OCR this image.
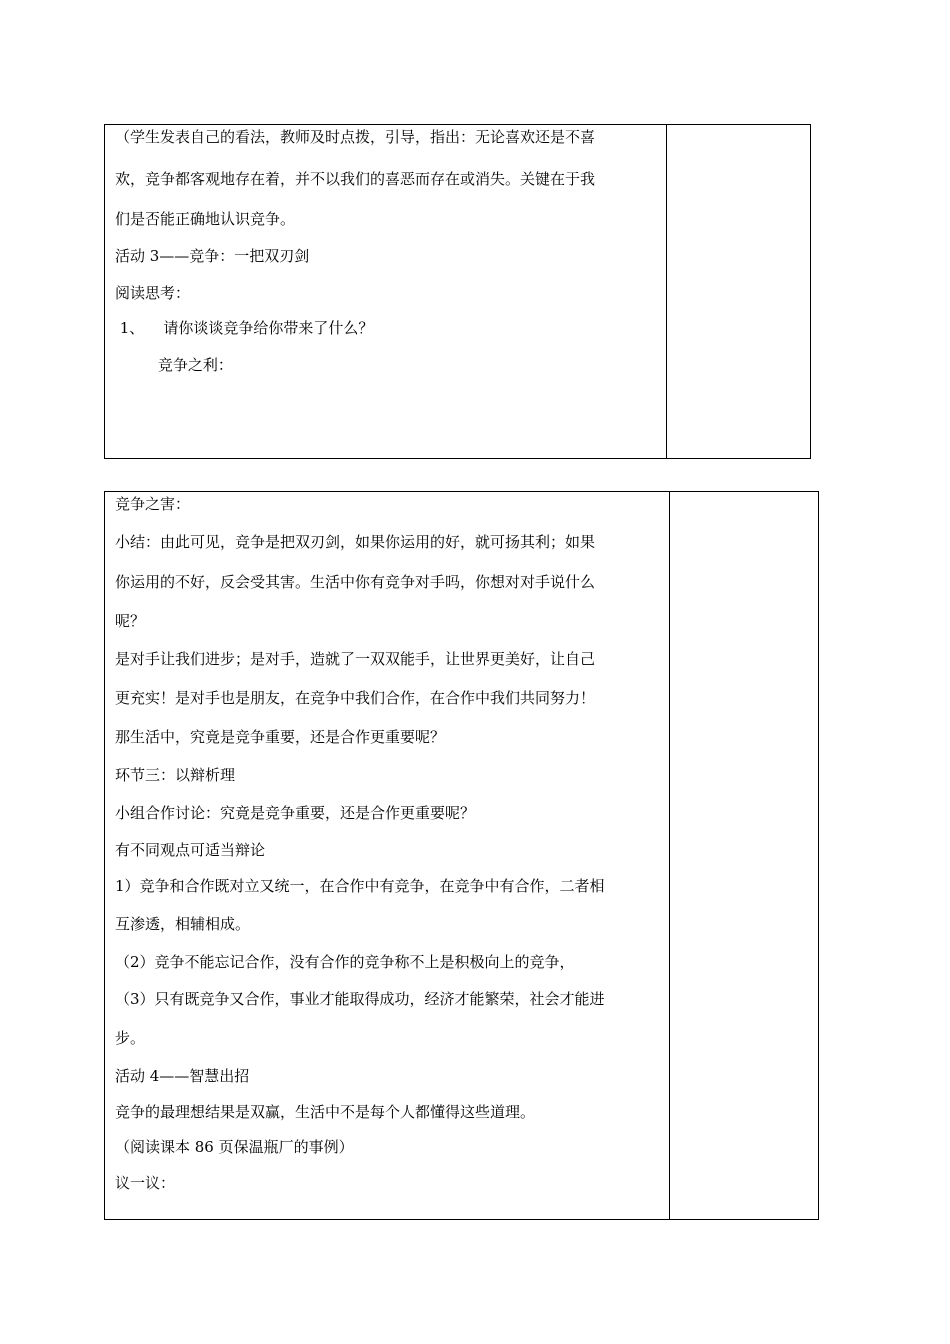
（学生发表自己的看法，教师及时点拨，引导，指出：无论喜欢还是不喜
欢，竞争都客观地存在着，并不以我们的喜恶而存在或消失。关键在于我
们是否能正确地认识竞争。
活动 3——竞争：一把双刃剑
阅读思考：
1、    请你谈谈竞争给你带来了什么？
竞争之利：
竞争之害：
小结：由此可见，竞争是把双刃剑，如果你运用的好，就可扬其利；如果
你运用的不好，反会受其害。生活中你有竞争对手吗，你想对对手说什么
呢？
是对手让我们进步；是对手，造就了一双双能手，让世界更美好，让自己
更充实！是对手也是朋友，在竞争中我们合作，在合作中我们共同努力！
那生活中，究竟是竞争重要，还是合作更重要呢？
环节三：以辩析理
小组合作讨论：究竟是竞争重要，还是合作更重要呢？
有不同观点可适当辩论
1）竞争和合作既对立又统一，在合作中有竞争，在竞争中有合作，二者相
互渗透，相辅相成。
（2）竞争不能忘记合作，没有合作的竞争称不上是积极向上的竞争，
（3）只有既竞争又合作，事业才能取得成功，经济才能繁荣，社会才能进
步。
活动 4——智慧出招
竞争的最理想结果是双赢，生活中不是每个人都懂得这些道理。
（阅读课本 86 页保温瓶厂的事例）
议一议：
